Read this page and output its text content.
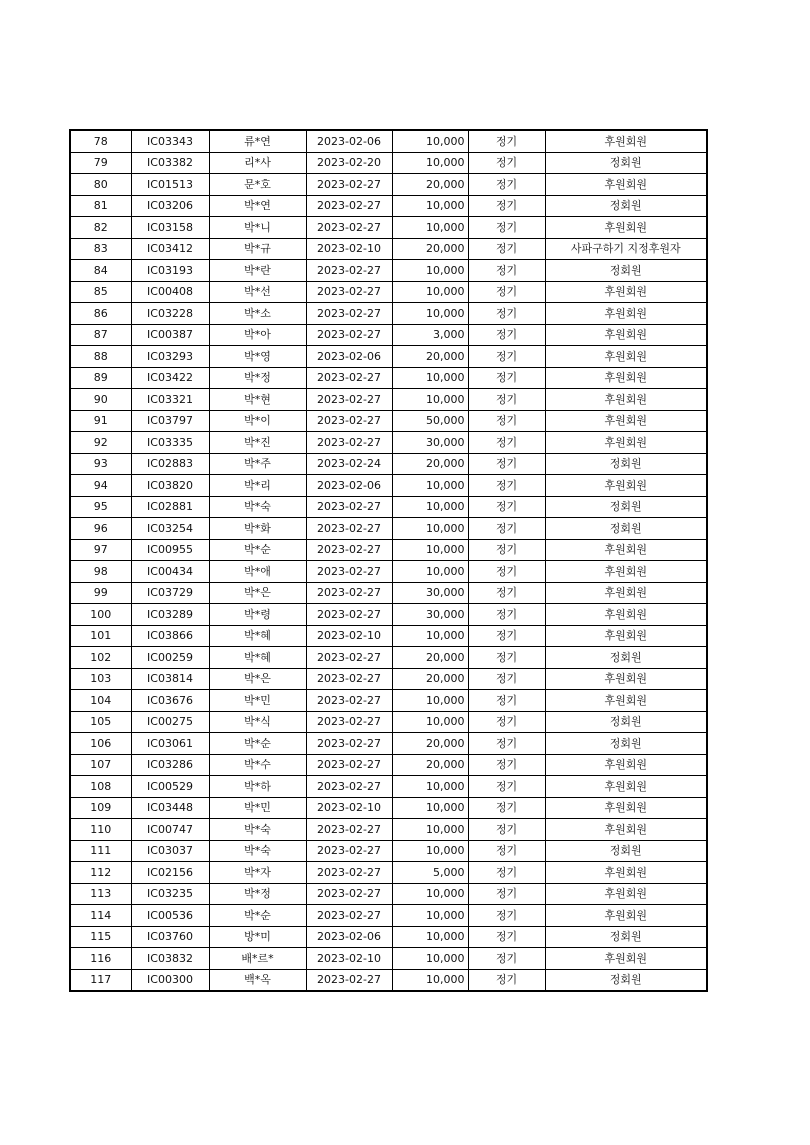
78	IC03343	류*연	2023-02-06	10,000	정기	후원회원
79	IC03382	리*사	2023-02-20	10,000	정기	정회원
80	IC01513	문*호	2023-02-27	20,000	정기	후원회원
81	IC03206	박*연	2023-02-27	10,000	정기	정회원
82	IC03158	박*니	2023-02-27	10,000	정기	후원회원
83	IC03412	박*규	2023-02-10	20,000	정기	사파구하기 지정후원자
84	IC03193	박*란	2023-02-27	10,000	정기	정회원
85	IC00408	박*선	2023-02-27	10,000	정기	후원회원
86	IC03228	박*소	2023-02-27	10,000	정기	후원회원
87	IC00387	박*아	2023-02-27	3,000	정기	후원회원
88	IC03293	박*영	2023-02-06	20,000	정기	후원회원
89	IC03422	박*정	2023-02-27	10,000	정기	후원회원
90	IC03321	박*현	2023-02-27	10,000	정기	후원회원
91	IC03797	박*이	2023-02-27	50,000	정기	후원회원
92	IC03335	박*진	2023-02-27	30,000	정기	후원회원
93	IC02883	박*주	2023-02-24	20,000	정기	정회원
94	IC03820	박*리	2023-02-06	10,000	정기	후원회원
95	IC02881	박*숙	2023-02-27	10,000	정기	정회원
96	IC03254	박*화	2023-02-27	10,000	정기	정회원
97	IC00955	박*순	2023-02-27	10,000	정기	후원회원
98	IC00434	박*애	2023-02-27	10,000	정기	후원회원
99	IC03729	박*은	2023-02-27	30,000	정기	후원회원
100	IC03289	박*령	2023-02-27	30,000	정기	후원회원
101	IC03866	박*혜	2023-02-10	10,000	정기	후원회원
102	IC00259	박*혜	2023-02-27	20,000	정기	정회원
103	IC03814	박*은	2023-02-27	20,000	정기	후원회원
104	IC03676	박*민	2023-02-27	10,000	정기	후원회원
105	IC00275	박*식	2023-02-27	10,000	정기	정회원
106	IC03061	박*순	2023-02-27	20,000	정기	정회원
107	IC03286	박*수	2023-02-27	20,000	정기	후원회원
108	IC00529	박*하	2023-02-27	10,000	정기	후원회원
109	IC03448	박*민	2023-02-10	10,000	정기	후원회원
110	IC00747	박*숙	2023-02-27	10,000	정기	후원회원
111	IC03037	박*숙	2023-02-27	10,000	정기	정회원
112	IC02156	박*자	2023-02-27	5,000	정기	후원회원
113	IC03235	박*정	2023-02-27	10,000	정기	후원회원
114	IC00536	박*순	2023-02-27	10,000	정기	후원회원
115	IC03760	방*미	2023-02-06	10,000	정기	정회원
116	IC03832	배*르*	2023-02-10	10,000	정기	후원회원
117	IC00300	백*옥	2023-02-27	10,000	정기	정회원
